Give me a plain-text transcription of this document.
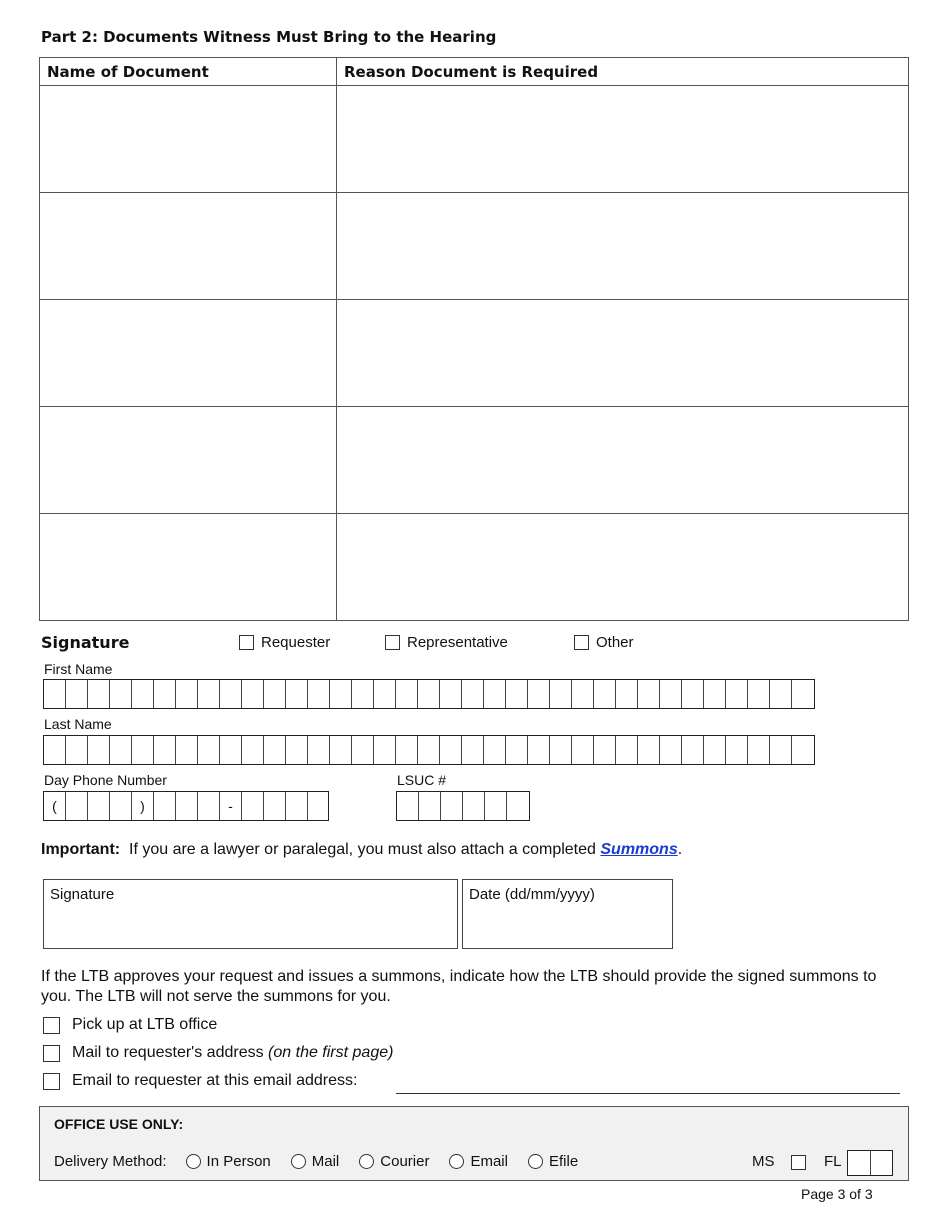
Part 2: Documents Witness Must Bring to the Hearing
Name of Document	Reason Document is Required

Signature	Requester	Representative	Other
First Name
Last Name
Day Phone Number
(	)	-
LSUC #
Important: If you are a lawyer or paralegal, you must also attach a completed Summons.
Signature	Date (dd/mm/yyyy)
If the LTB approves your request and issues a summons, indicate how the LTB should provide the signed summons to you. The LTB will not serve the summons for you.
Pick up at LTB office
Mail to requester's address (on the first page)
Email to requester at this email address:
OFFICE USE ONLY:
Delivery Method:	In Person	Mail	Courier	Email	Efile	MS	FL
Page 3 of 3
